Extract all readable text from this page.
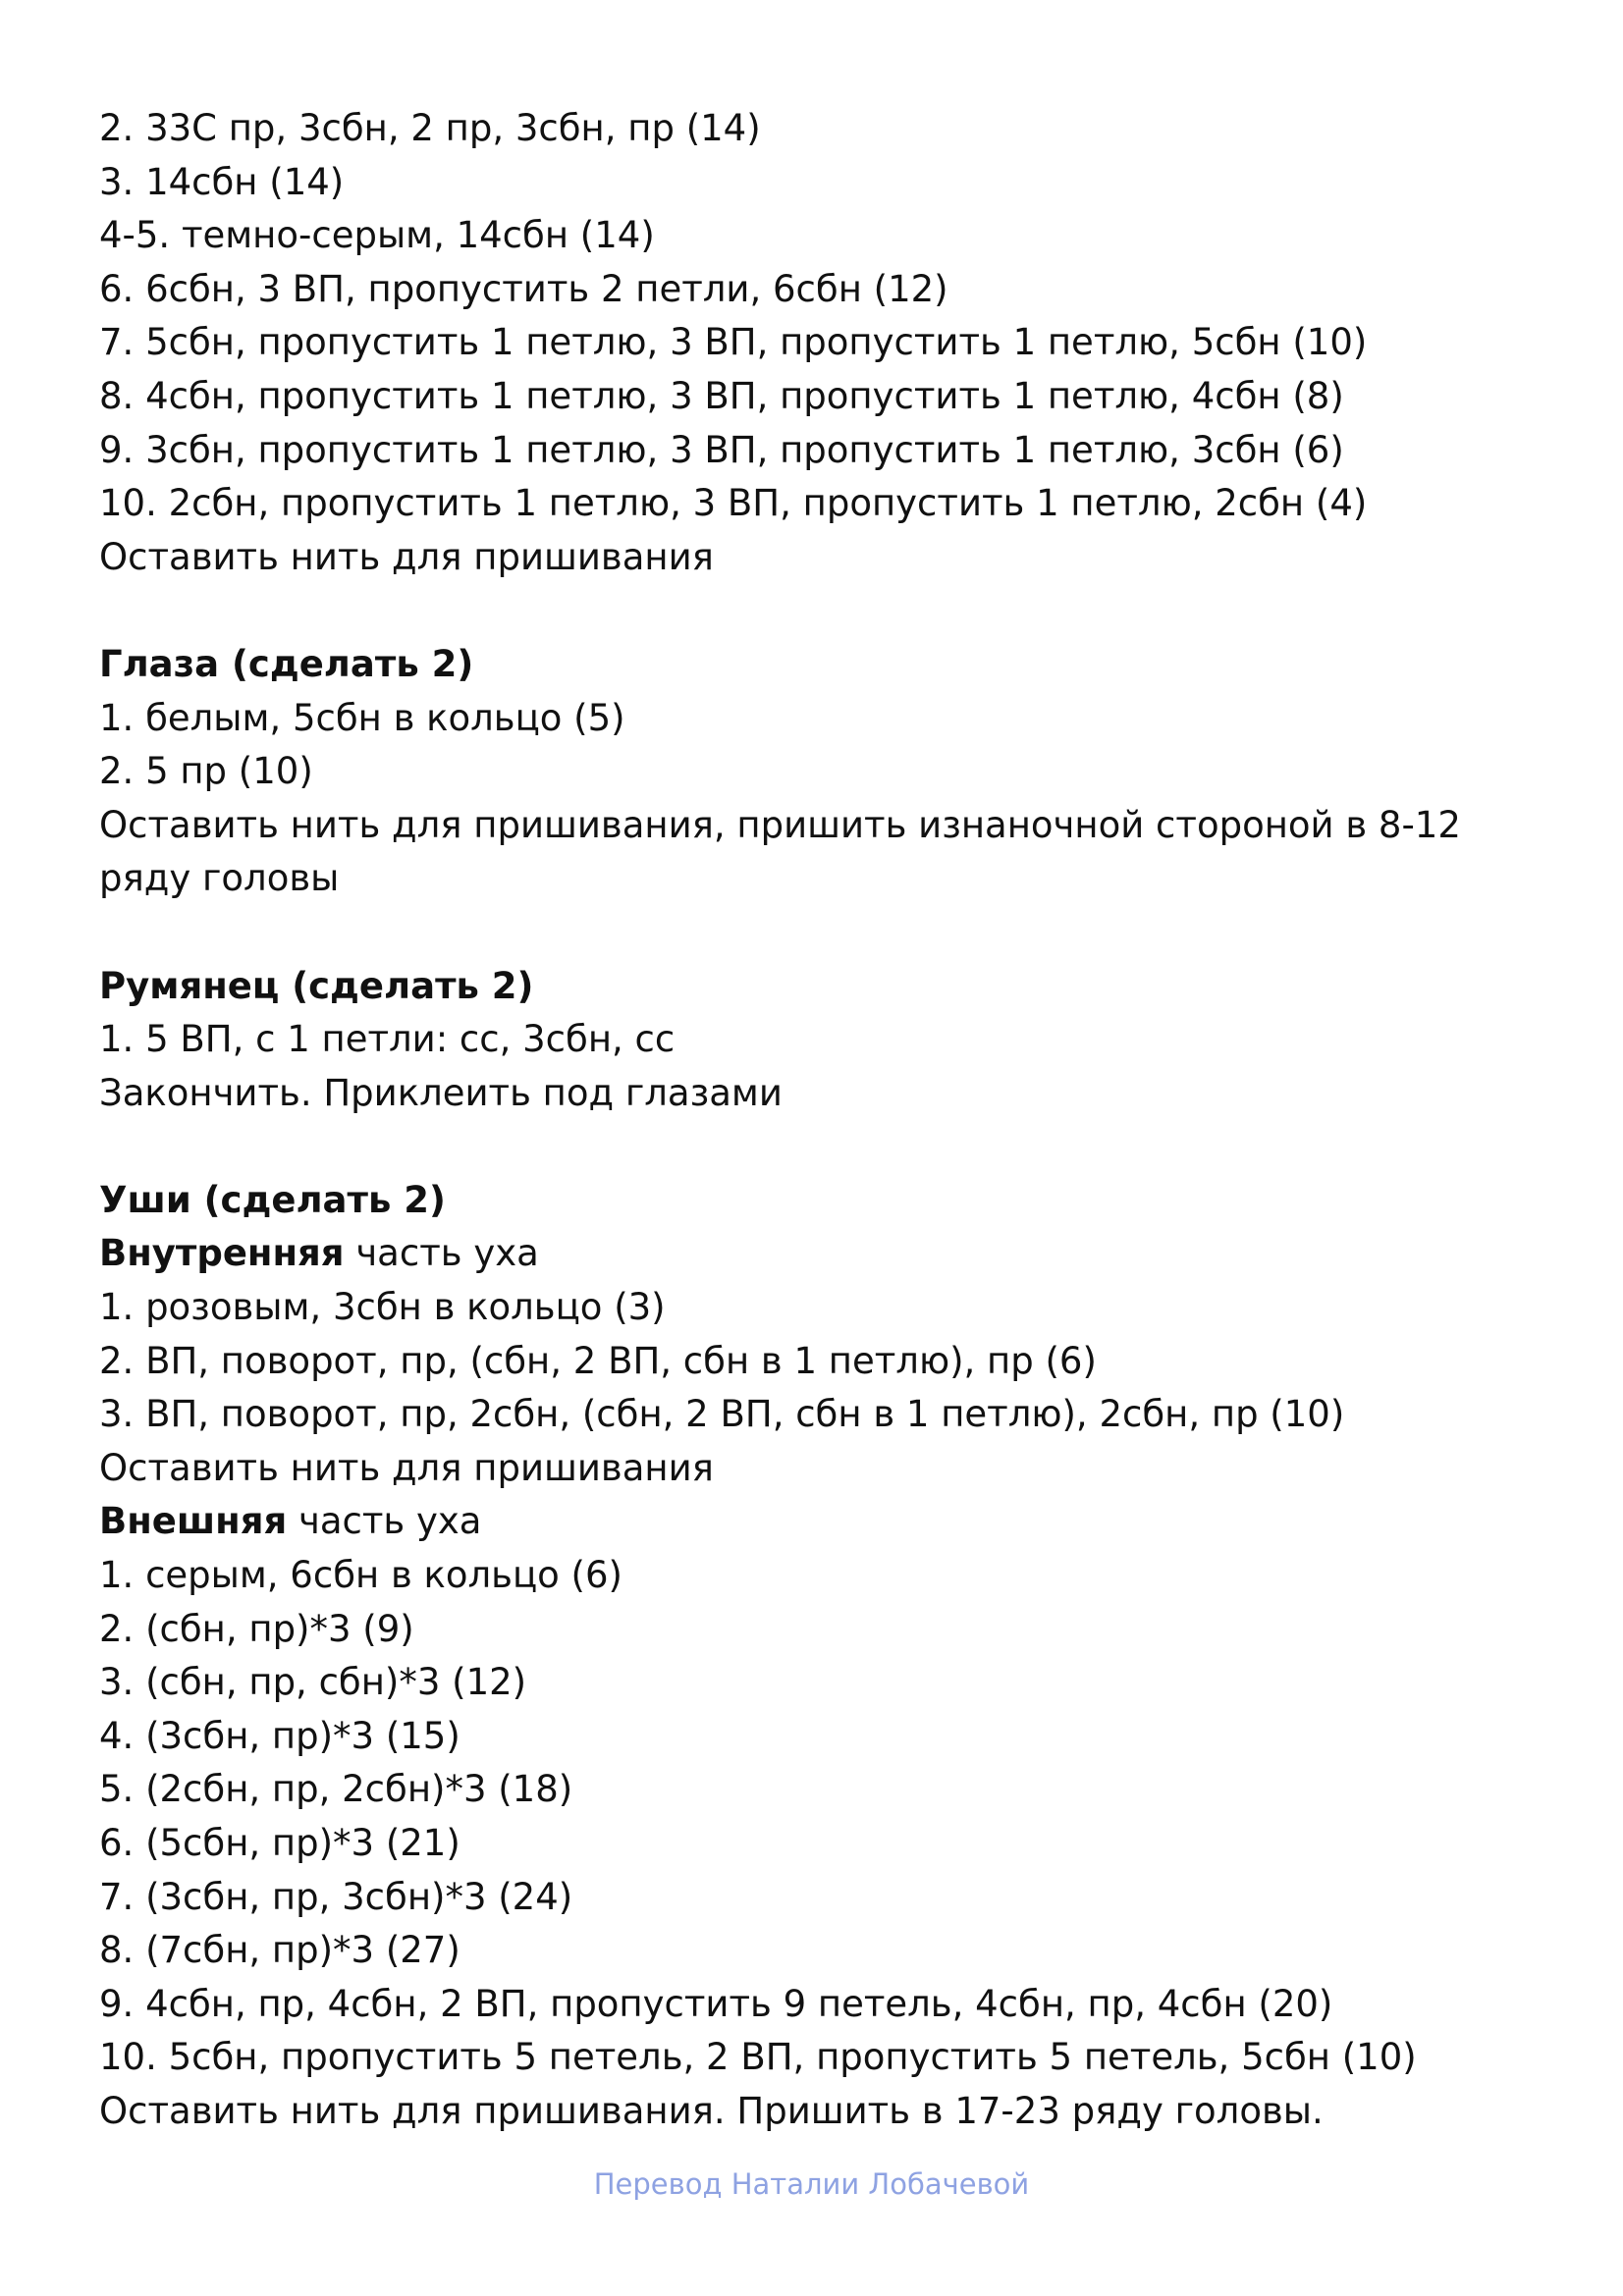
2. 33С пр, 3сбн, 2 пр, 3сбн, пр (14)
3. 14сбн (14)
4-5. темно-серым, 14сбн (14)
6. 6сбн, 3 ВП, пропустить 2 петли, 6сбн (12)
7. 5сбн, пропустить 1 петлю, 3 ВП, пропустить 1 петлю, 5сбн (10)
8. 4сбн, пропустить 1 петлю, 3 ВП, пропустить 1 петлю, 4сбн (8)
9. 3сбн, пропустить 1 петлю, 3 ВП, пропустить 1 петлю, 3сбн (6)
10. 2сбн, пропустить 1 петлю, 3 ВП, пропустить 1 петлю, 2сбн (4)
Оставить нить для пришивания
Глаза (сделать 2)
1. белым, 5сбн в кольцо (5)
2. 5 пр (10)
Оставить нить для пришивания, пришить изнаночной стороной в 8-12 ряду головы
Румянец (сделать 2)
1. 5 ВП, с 1 петли: сс, 3сбн, сс
Закончить. Приклеить под глазами
Уши (сделать 2)
Внутренняя часть уха
1. розовым, 3сбн в кольцо (3)
2. ВП, поворот, пр, (сбн, 2 ВП, сбн в 1 петлю), пр (6)
3. ВП, поворот, пр, 2сбн, (сбн, 2 ВП, сбн в 1 петлю), 2сбн, пр (10)
Оставить нить для пришивания
Внешняя часть уха
1. серым, 6сбн в кольцо (6)
2. (сбн, пр)*3 (9)
3. (сбн, пр, сбн)*3 (12)
4. (3сбн, пр)*3 (15)
5. (2сбн, пр, 2сбн)*3 (18)
6. (5сбн, пр)*3 (21)
7. (3сбн, пр, 3сбн)*3 (24)
8. (7сбн, пр)*3 (27)
9. 4сбн, пр, 4сбн, 2 ВП, пропустить 9 петель, 4сбн, пр, 4сбн (20)
10. 5сбн, пропустить 5 петель, 2 ВП, пропустить 5 петель, 5сбн (10)
Оставить нить для пришивания. Пришить в 17-23 ряду головы.
Перевод Наталии Лобачевой
